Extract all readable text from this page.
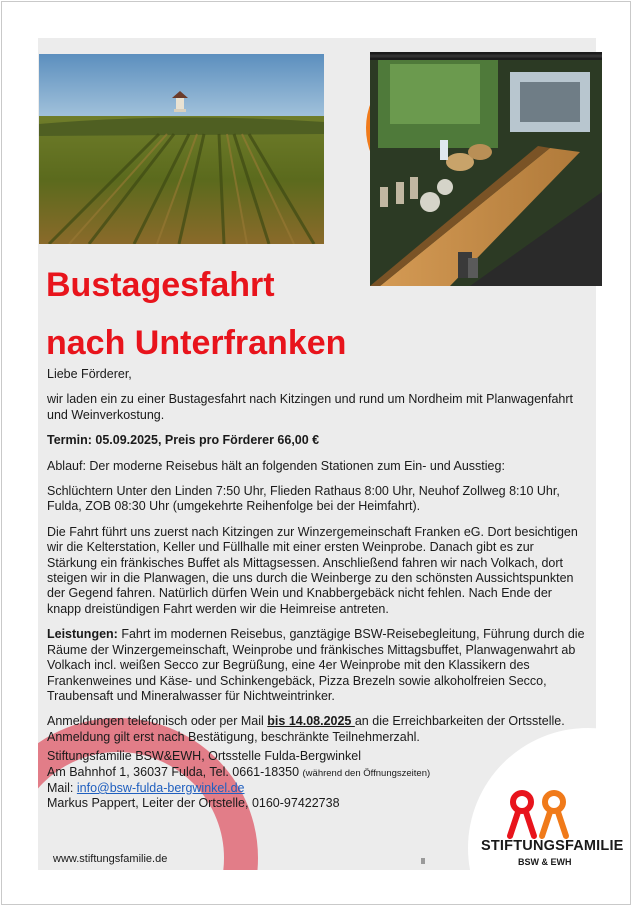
Bustagesfahrt
nach Unterfranken

Liebe Förderer,

wir laden ein zu einer Bustagesfahrt nach Kitzingen und rund um Nordheim mit Planwagenfahrt und Weinverkostung.

Termin: 05.09.2025, Preis pro Förderer 66,00 €

Ablauf: Der moderne Reisebus hält an folgenden Stationen zum Ein- und Ausstieg:

Schlüchtern Unter den Linden 7:50 Uhr, Flieden Rathaus 8:00 Uhr, Neuhof Zollweg 8:10 Uhr, Fulda, ZOB 08:30 Uhr (umgekehrte Reihenfolge bei der Heimfahrt).

Die Fahrt führt uns zuerst nach Kitzingen zur Winzergemeinschaft Franken eG. Dort besichtigen wir die Kelterstation, Keller und Füllhalle mit einer ersten Weinprobe. Danach gibt es zur Stärkung ein fränkisches Buffet als Mittagsessen. Anschließend fahren wir nach Volkach, dort steigen wir in die Planwagen, die uns durch die Weinberge zu den schönsten Aussichtspunkten der Gegend fahren. Natürlich dürfen Wein und Knabbergebäck nicht fehlen. Nach Ende der knapp dreistündigen Fahrt werden wir die Heimreise antreten.

Leistungen: Fahrt im modernen Reisebus, ganztägige BSW-Reisebegleitung, Führung durch die Räume der Winzergemeinschaft, Weinprobe und fränkisches Mittagsbuffet, Planwagenwahrt ab Volkach incl. weißen Secco zur Begrüßung, eine 4er Weinprobe mit den Klassikern des Frankenweines und Käse- und Schinkengebäck, Pizza Brezeln sowie alkoholfreien Secco, Traubensaft und Mineralwasser für Nichtweintrinker.

Anmeldungen telefonisch oder per Mail bis 14.08.2025 an die Erreichbarkeiten der Ortsstelle. Anmeldung gilt erst nach Bestätigung, beschränkte Teilnehmerzahl.

Stiftungsfamilie BSW&EWH, Ortsstelle Fulda-Bergwinkel
Am Bahnhof 1, 36037 Fulda, Tel. 0661-18350 (während den Öffnungszeiten)
Mail: info@bsw-fulda-bergwinkel.de
Markus Pappert, Leiter der Ortstelle, 0160-97422738
www.stiftungsfamilie.de
STIFTUNGSFAMILIE
BSW & EWH
